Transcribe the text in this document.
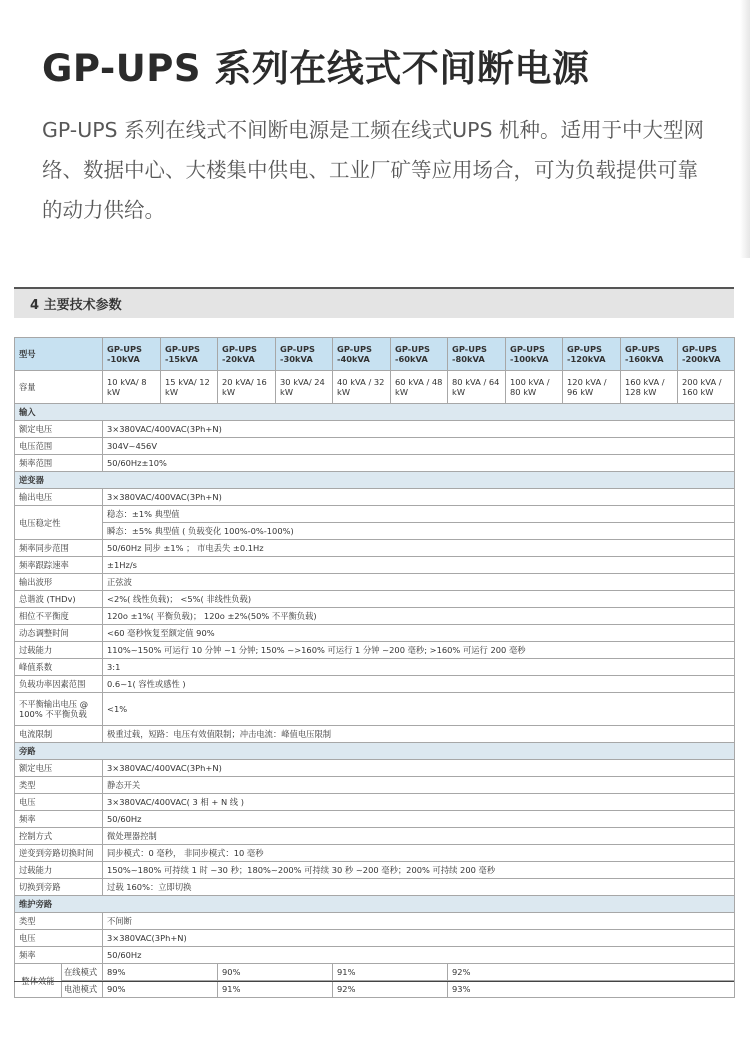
GP-UPS 系列在线式不间断电源

GP-UPS 系列在线式不间断电源是工频在线式UPS 机种。适用于中大型网络、数据中心、大楼集中供电、工业厂矿等应用场合，可为负载提供可靠的动力供给。

4 主要技术参数
型号		GP-UPS -10kVA	GP-UPS -15kVA	GP-UPS -20kVA	GP-UPS -30kVA	GP-UPS -40kVA	GP-UPS -60kVA	GP-UPS -80kVA	GP-UPS -100kVA	GP-UPS -120kVA	GP-UPS -160kVA	GP-UPS -200kVA
容量		10 kVA/ 8 kW	15 kVA/ 12 kW	20 kVA/ 16 kW	30 kVA/ 24 kW	40 kVA / 32 kW	60 kVA / 48 kW	80 kVA / 64 kW	100 kVA / 80 kW	120 kVA / 96 kW	160 kVA / 128 kW	200 kVA / 160 kW
输入												
额定电压		3×380VAC/400VAC(3Ph+N)										
电压范围		304V~456V										
频率范围		50/60Hz±10%										
逆变器												
输出电压		3×380VAC/400VAC(3Ph+N)										
电压稳定性		稳态：±1% 典型值										
		瞬态：±5% 典型值 ( 负载变化 100%-0%-100%)										
频率同步范围		50/60Hz 同步 ±1% ； 市电丢失 ±0.1Hz										
频率跟踪速率		±1Hz/s										
输出波形		正弦波										
总谐波 (THDv)		<2%( 线性负载)； <5%( 非线性负载)										
相位不平衡度		120o ±1%( 平衡负载)； 120o ±2%(50% 不平衡负载)										
动态调整时间		<60 毫秒恢复至额定值 90%										
过载能力		110%~150% 可运行 10 分钟 ~1 分钟; 150% ~>160% 可运行 1 分钟 ~200 毫秒; >160% 可运行 200 毫秒										
峰值系数		3:1										
负载功率因素范围		0.6~1( 容性或感性 )										
不平衡输出电压 @ 100% 不平衡负载		<1%										
电流限制		极重过载，短路：电压有效值限制；冲击电流：峰值电压限制										
旁路												
额定电压		3×380VAC/400VAC(3Ph+N)										
类型		静态开关										
电压		3×380VAC/400VAC( 3 相 + N 线 )										
频率		50/60Hz										
控制方式		微处理器控制										
逆变到旁路切换时间		同步模式：0 毫秒， 非同步模式：10 毫秒										
过载能力		150%~180% 可持续 1 时 ~30 秒；180%~200% 可持续 30 秒 ~200 毫秒；200% 可持续 200 毫秒										
切换到旁路		过载 160%：立即切换										
维护旁路												
类型		不间断										
电压		3×380VAC(3Ph+N)										
频率		50/60Hz										
整体效能	在线模式	89%		90%		91%		92%				
	电池模式	90%		91%		92%		93%				
